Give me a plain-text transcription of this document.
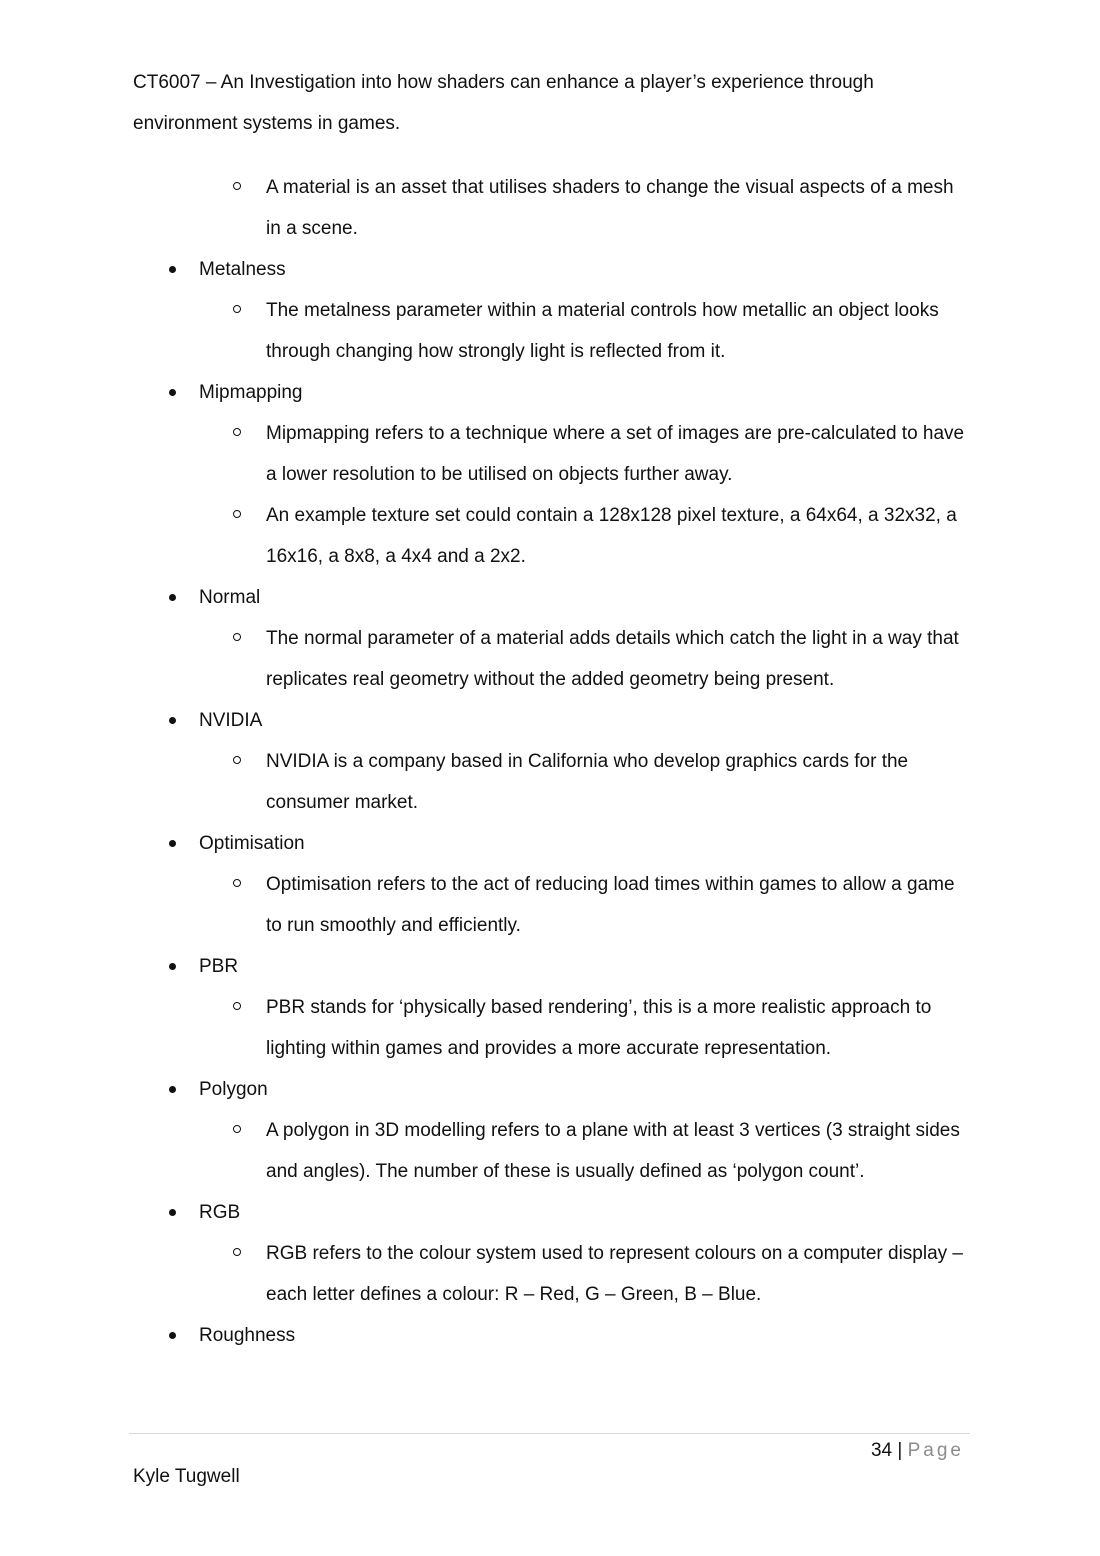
CT6007 – An Investigation into how shaders can enhance a player’s experience through
environment systems in games.
A material is an asset that utilises shaders to change the visual aspects of a mesh in a scene.
Metalness
The metalness parameter within a material controls how metallic an object looks through changing how strongly light is reflected from it.
Mipmapping
Mipmapping refers to a technique where a set of images are pre-calculated to have a lower resolution to be utilised on objects further away.
An example texture set could contain a 128x128 pixel texture, a 64x64, a 32x32, a 16x16, a 8x8, a 4x4 and a 2x2.
Normal
The normal parameter of a material adds details which catch the light in a way that replicates real geometry without the added geometry being present.
NVIDIA
NVIDIA is a company based in California who develop graphics cards for the consumer market.
Optimisation
Optimisation refers to the act of reducing load times within games to allow a game to run smoothly and efficiently.
PBR
PBR stands for ‘physically based rendering’, this is a more realistic approach to lighting within games and provides a more accurate representation.
Polygon
A polygon in 3D modelling refers to a plane with at least 3 vertices (3 straight sides and angles). The number of these is usually defined as ‘polygon count’.
RGB
RGB refers to the colour system used to represent colours on a computer display – each letter defines a colour: R – Red, G – Green, B – Blue.
Roughness
34 | Page
Kyle Tugwell
